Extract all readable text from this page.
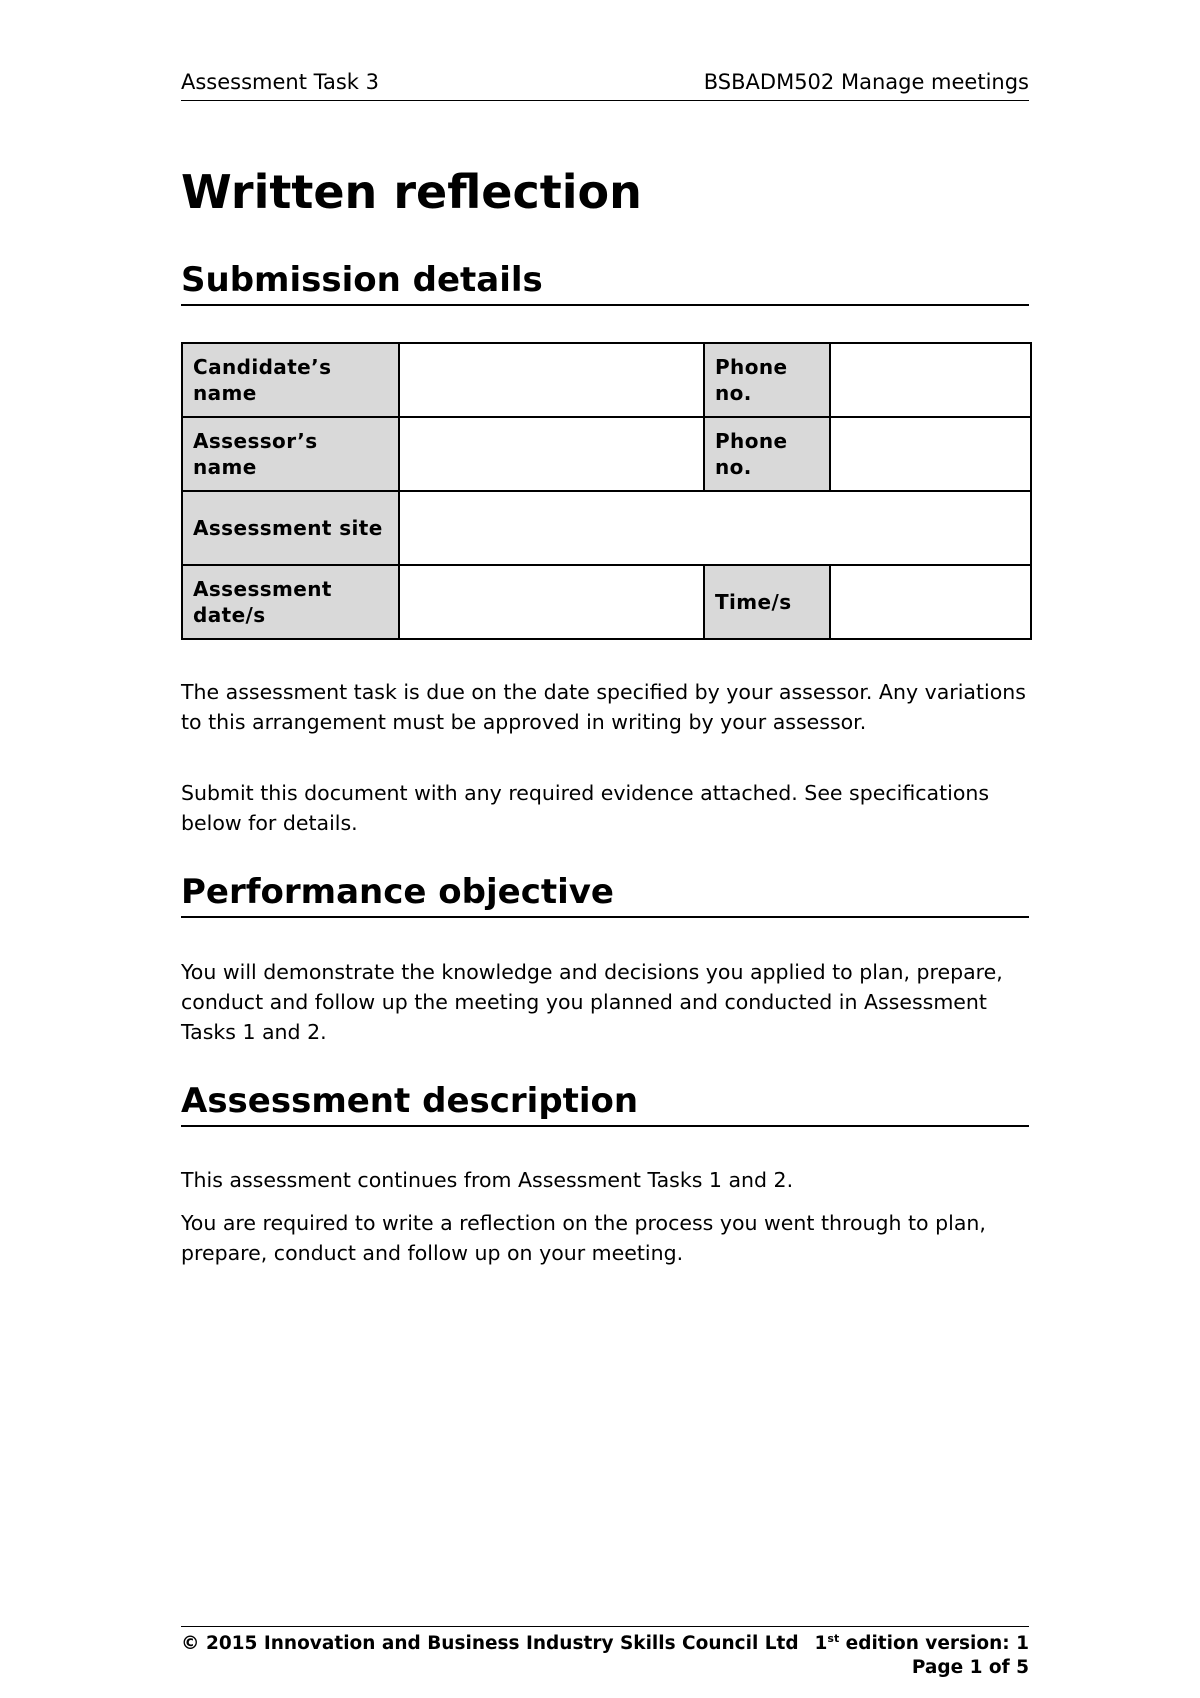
Assessment Task 3	BSBADM502 Manage meetings
Written reflection
Submission details
Candidate’s name		Phone no.	
Assessor’s name		Phone no.	
Assessment site			
Assessment date/s		Time/s	

The assessment task is due on the date specified by your assessor. Any variations to this arrangement must be approved in writing by your assessor.

Submit this document with any required evidence attached. See specifications below for details.

Performance objective

You will demonstrate the knowledge and decisions you applied to plan, prepare, conduct and follow up the meeting you planned and conducted in Assessment Tasks 1 and 2.

Assessment description

This assessment continues from Assessment Tasks 1 and 2.

You are required to write a reflection on the process you went through to plan, prepare, conduct and follow up on your meeting.

© 2015 Innovation and Business Industry Skills Council Ltd 1st edition version: 1
Page 1 of 5
